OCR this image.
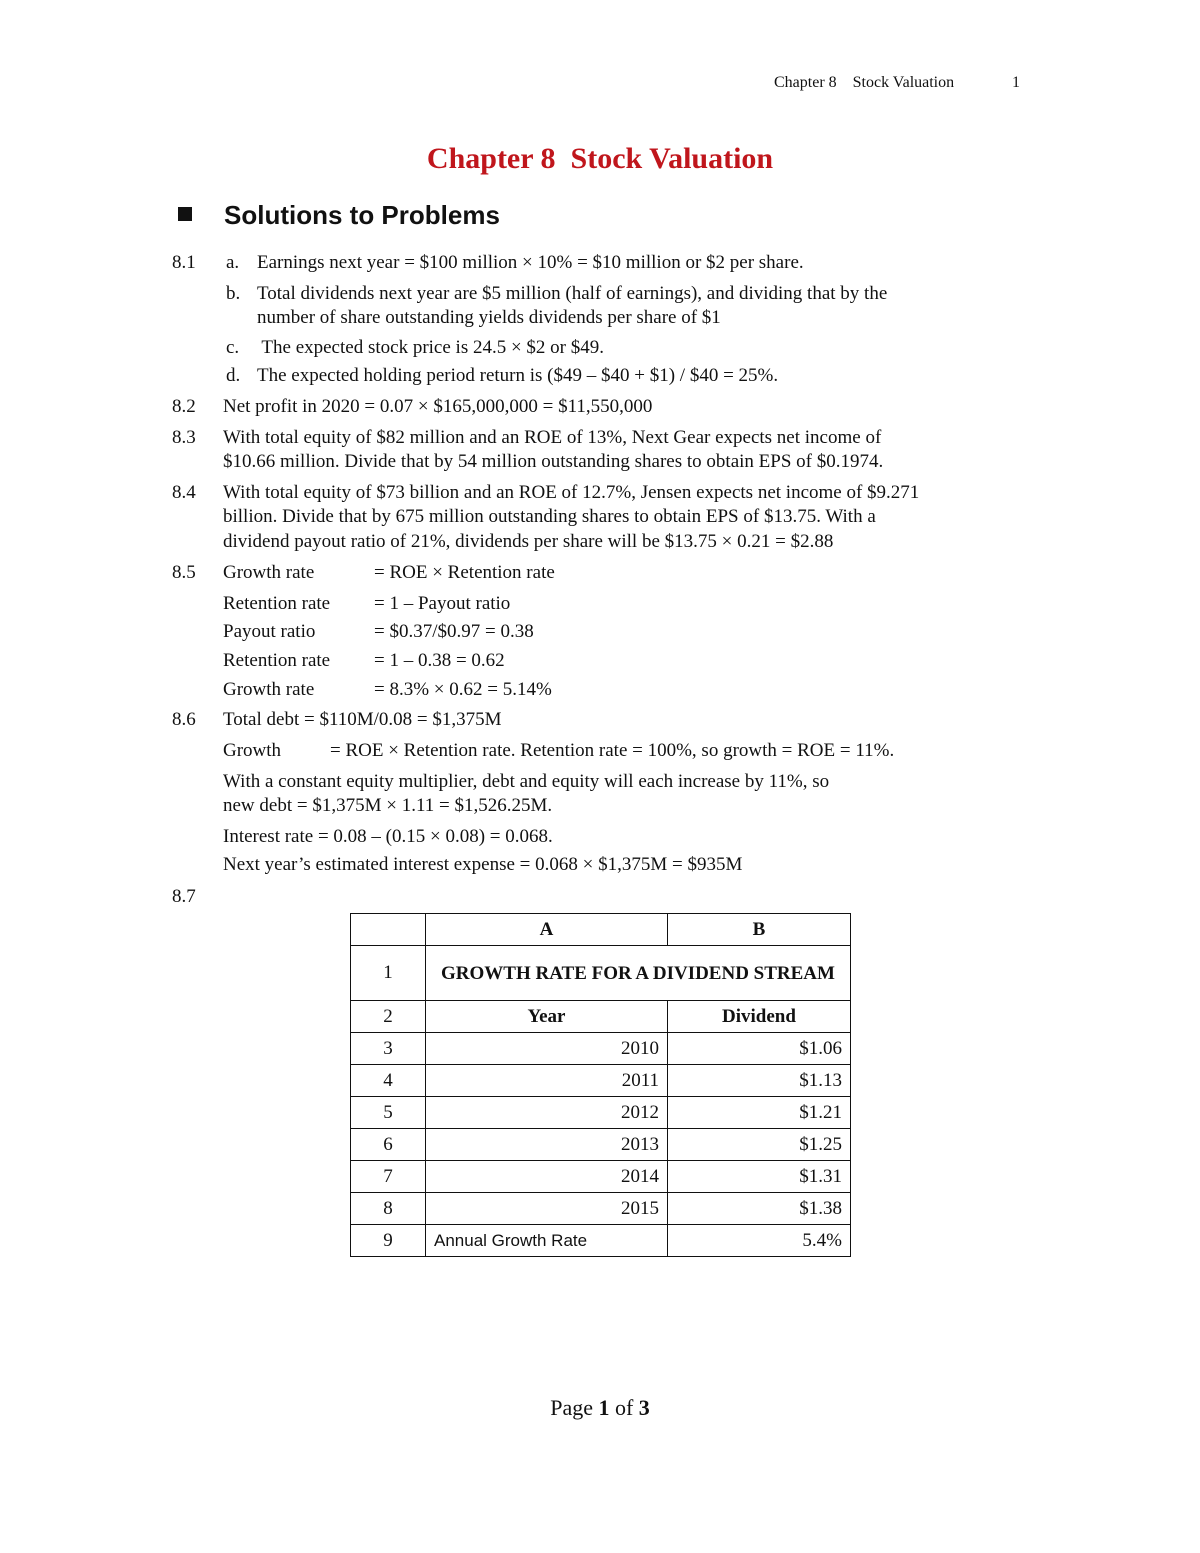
Chapter 8    Stock Valuation	1
Chapter 8  Stock Valuation
Solutions to Problems
8.1 a. Earnings next year = $100 million × 10% = $10 million or $2 per share.
b. Total dividends next year are $5 million (half of earnings), and dividing that by the
number of share outstanding yields dividends per share of $1
c. The expected stock price is 24.5 × $2 or $49.
d. The expected holding period return is ($49 – $40 + $1) / $40 = 25%.
8.2 Net profit in 2020 = 0.07 × $165,000,000 = $11,550,000
8.3 With total equity of $82 million and an ROE of 13%, Next Gear expects net income of
$10.66 million. Divide that by 54 million outstanding shares to obtain EPS of $0.1974.
8.4 With total equity of $73 billion and an ROE of 12.7%, Jensen expects net income of $9.271
billion. Divide that by 675 million outstanding shares to obtain EPS of $13.75. With a
dividend payout ratio of 21%, dividends per share will be $13.75 × 0.21 = $2.88
8.5 Growth rate	= ROE × Retention rate
Retention rate = 1 – Payout ratio
Payout ratio	= $0.37/$0.97 = 0.38
Retention rate = 1 – 0.38 = 0.62
Growth rate	= 8.3% × 0.62 = 5.14%
8.6 Total debt = $110M/0.08 = $1,375M
Growth	= ROE × Retention rate. Retention rate = 100%, so growth = ROE = 11%.
With a constant equity multiplier, debt and equity will each increase by 11%, so
new debt = $1,375M × 1.11 = $1,526.25M.
Interest rate = 0.08 – (0.15 × 0.08) = 0.068.
Next year’s estimated interest expense = 0.068 × $1,375M = $935M
8.7
	A	B
1	GROWTH RATE FOR A DIVIDEND STREAM	
2	Year	Dividend
3	2010	$1.06
4	2011	$1.13
5	2012	$1.21
6	2013	$1.25
7	2014	$1.31
8	2015	$1.38
9	Annual Growth Rate	5.4%
Page 1 of 3
